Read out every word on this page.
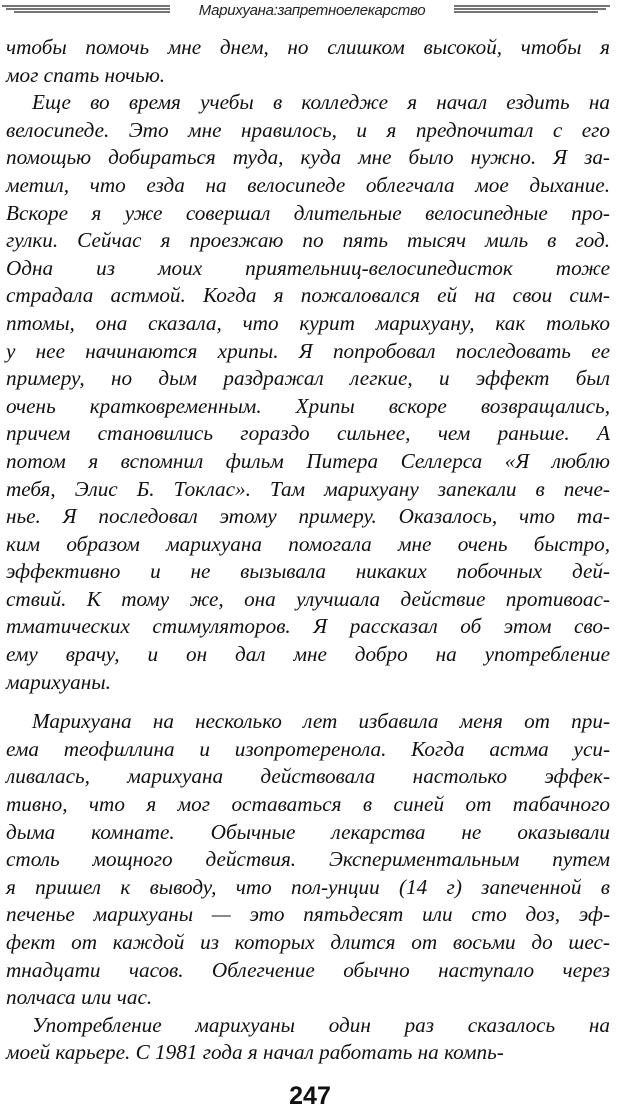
Марихуана:запретноелекарство
чтобы помочь мне днем, но слишком высокой, чтобы я
мог спать ночью.
Еще во время учебы в колледже я начал ездить на
велосипеде. Это мне нравилось, и я предпочитал с его
помощью добираться туда, куда мне было нужно. Я за-
метил, что езда на велосипеде облегчала мое дыхание.
Вскоре я уже совершал длительные велосипедные про-
гулки. Сейчас я проезжаю по пять тысяч миль в год.
Одна из моих приятельниц-велосипедисток тоже
страдала астмой. Когда я пожаловался ей на свои сим-
птомы, она сказала, что курит марихуану, как только
у нее начинаются хрипы. Я попробовал последовать ее
примеру, но дым раздражал легкие, и эффект был
очень кратковременным. Хрипы вскоре возвращались,
причем становились гораздо сильнее, чем раньше. А
потом я вспомнил фильм Питера Селлерса «Я люблю
тебя, Элис Б. Токлас». Там марихуану запекали в пече-
нье. Я последовал этому примеру. Оказалось, что та-
ким образом марихуана помогала мне очень быстро,
эффективно и не вызывала никаких побочных дей-
ствий. К тому же, она улучшала действие противоас-
тматических стимуляторов. Я рассказал об этом сво-
ему врачу, и он дал мне добро на употребление
марихуаны.
Марихуана на несколько лет избавила меня от при-
ема теофиллина и изопротеренола. Когда астма уси-
ливалась, марихуана действовала настолько эффек-
тивно, что я мог оставаться в синей от табачного
дыма комнате. Обычные лекарства не оказывали
столь мощного действия. Экспериментальным путем
я пришел к выводу, что пол-унции (14 г) запеченной в
печенье марихуаны — это пятьдесят или сто доз, эф-
фект от каждой из которых длится от восьми до шес-
тнадцати часов. Облегчение обычно наступало через
полчаса или час.
Употребление марихуаны один раз сказалось на
моей карьере. С 1981 года я начал работать на компь-
247
